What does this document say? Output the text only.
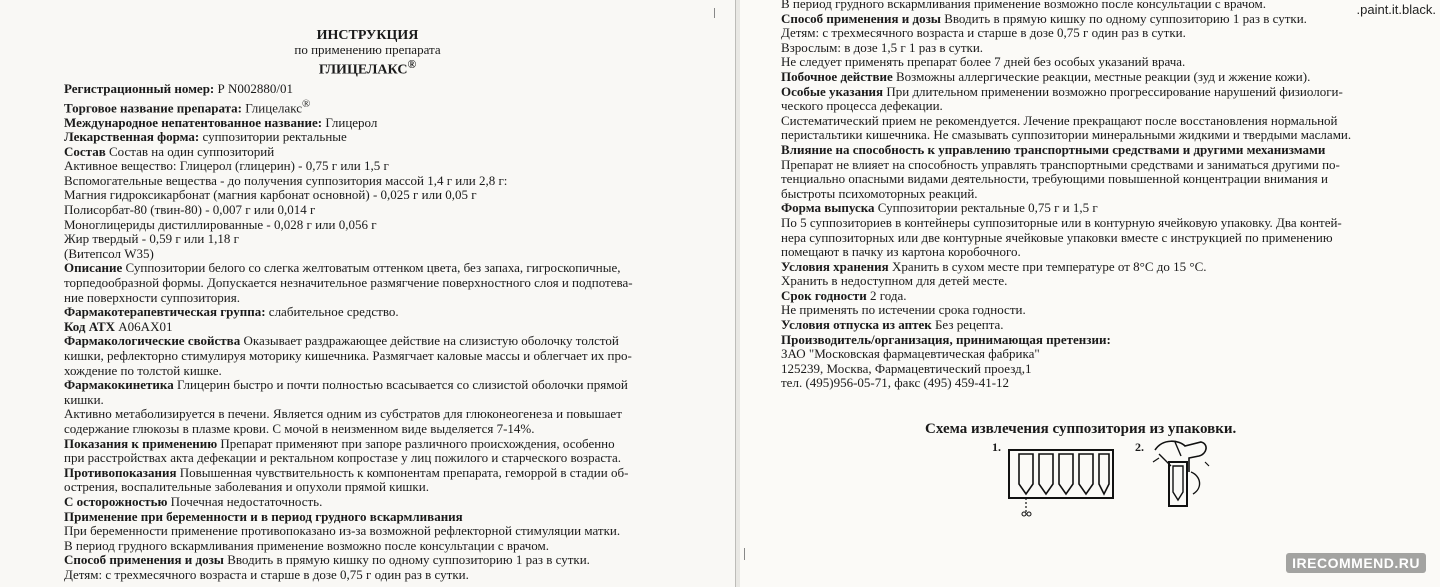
ИНСТРУКЦИЯ
по применению препарата
ГЛИЦЕЛАКС®
Регистрационный номер: Р N002880/01
Торговое название препарата: Глицелакс®
Международное непатентованное название: Глицерол
Лекарственная форма: суппозитории ректальные
Состав Состав на один суппозиторий
Активное вещество: Глицерол (глицерин) - 0,75 г или 1,5 г
Вспомогательные вещества - до получения суппозитория массой 1,4 г или 2,8 г:
Магния гидроксикарбонат (магния карбонат основной) - 0,025 г или 0,05 г
Полисорбат-80 (твин-80) - 0,007 г или 0,014 г
Моноглицериды дистиллированные - 0,028 г или 0,056 г
Жир твердый - 0,59 г или 1,18 г
(Витепсол W35)
Описание Суппозитории белого со слегка желтоватым оттенком цвета, без запаха, гигроскопичные,
торпедообразной формы. Допускается незначительное размягчение поверхностного слоя и подпотева-
ние поверхности суппозитория.
Фармакотерапевтическая группа: слабительное средство.
Код АТХ A06AX01
Фармакологические свойства Оказывает раздражающее действие на слизистую оболочку толстой
кишки, рефлекторно стимулируя моторику кишечника. Размягчает каловые массы и облегчает их про-
хождение по толстой кишке.
Фармакокинетика Глицерин быстро и почти полностью всасывается со слизистой оболочки прямой
кишки.
Активно метаболизируется в печени. Является одним из субстратов для глюконеогенеза и повышает
содержание глюкозы в плазме крови. С мочой в неизменном виде выделяется 7-14%.
Показания к применению Препарат применяют при запоре различного происхождения, особенно
при расстройствах акта дефекации и ректальном копростазе у лиц пожилого и старческого возраста.
Противопоказания Повышенная чувствительность к компонентам препарата, геморрой в стадии об-
острения, воспалительные заболевания и опухоли прямой кишки.
С осторожностью Почечная недостаточность.
Применение при беременности и в период грудного вскармливания
При беременности применение противопоказано из-за возможной рефлекторной стимуляции матки.
В период грудного вскармливания применение возможно после консультации с врачом.
Способ применения и дозы Вводить в прямую кишку по одному суппозиторию 1 раз в сутки.
Детям: с трехмесячного возраста и старше в дозе 0,75 г один раз в сутки.
В период грудного вскармливания применение возможно после консультации с врачом.
Способ применения и дозы Вводить в прямую кишку по одному суппозиторию 1 раз в сутки.
Детям: с трехмесячного возраста и старше в дозе 0,75 г один раз в сутки.
Взрослым: в дозе 1,5 г 1 раз в сутки.
Не следует применять препарат более 7 дней без особых указаний врача.
Побочное действие Возможны аллергические реакции, местные реакции (зуд и жжение кожи).
Особые указания При длительном применении возможно прогрессирование нарушений физиологи-
ческого процесса дефекации.
Систематический прием не рекомендуется. Лечение прекращают после восстановления нормальной
перистальтики кишечника. Не смазывать суппозитории минеральными жидкими и твердыми маслами.
Влияние на способность к управлению транспортными средствами и другими механизмами
Препарат не влияет на способность управлять транспортными средствами и заниматься другими по-
тенциально опасными видами деятельности, требующими повышенной концентрации внимания и
быстроты психомоторных реакций.
Форма выпуска Суппозитории ректальные 0,75 г и 1,5 г
По 5 суппозиториев в контейнеры суппозиторные или в контурную ячейковую упаковку. Два контей-
нера суппозиторных или две контурные ячейковые упаковки вместе с инструкцией по применению
помещают в пачку из картона коробочного.
Условия хранения Хранить в сухом месте при температуре от 8°С до 15 °С.
Хранить в недоступном для детей месте.
Срок годности 2 года.
Не применять по истечении срока годности.
Условия отпуска из аптек Без рецепта.
Производитель/организация, принимающая претензии:
ЗАО "Московская фармацевтическая фабрика"
125239, Москва, Фармацевтический проезд,1
тел. (495)956-05-71, факс (495) 459-41-12
.paint.it.black.
Схема извлечения суппозитория из упаковки.
1.	2.
IRECOMMEND.RU
